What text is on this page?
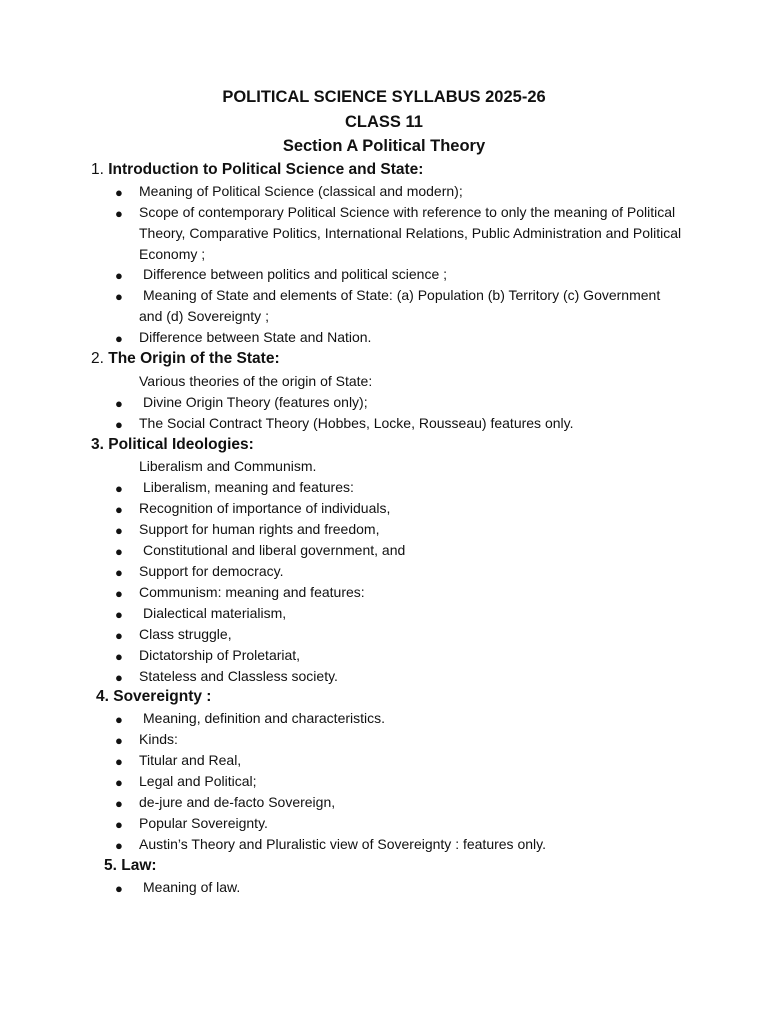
POLITICAL SCIENCE SYLLABUS 2025-26
CLASS 11
Section A Political Theory
1. Introduction to Political Science and State:
● Meaning of Political Science (classical and modern);
● Scope of contemporary Political Science with reference to only the meaning of Political
Theory, Comparative Politics, International Relations, Public Administration and Political
Economy ;
● Difference between politics and political science ;
● Meaning of State and elements of State: (a) Population (b) Territory (c) Government
and (d) Sovereignty ;
● Difference between State and Nation.
2. The Origin of the State:
Various theories of the origin of State:
● Divine Origin Theory (features only);
● The Social Contract Theory (Hobbes, Locke, Rousseau) features only.
3. Political Ideologies:
Liberalism and Communism.
● Liberalism, meaning and features:
● Recognition of importance of individuals,
● Support for human rights and freedom,
● Constitutional and liberal government, and
● Support for democracy.
● Communism: meaning and features:
● Dialectical materialism,
● Class struggle,
● Dictatorship of Proletariat,
● Stateless and Classless society.
4. Sovereignty :
● Meaning, definition and characteristics.
● Kinds:
● Titular and Real,
● Legal and Political;
● de-jure and de-facto Sovereign,
● Popular Sovereignty.
● Austin’s Theory and Pluralistic view of Sovereignty : features only.
5. Law:
● Meaning of law.
